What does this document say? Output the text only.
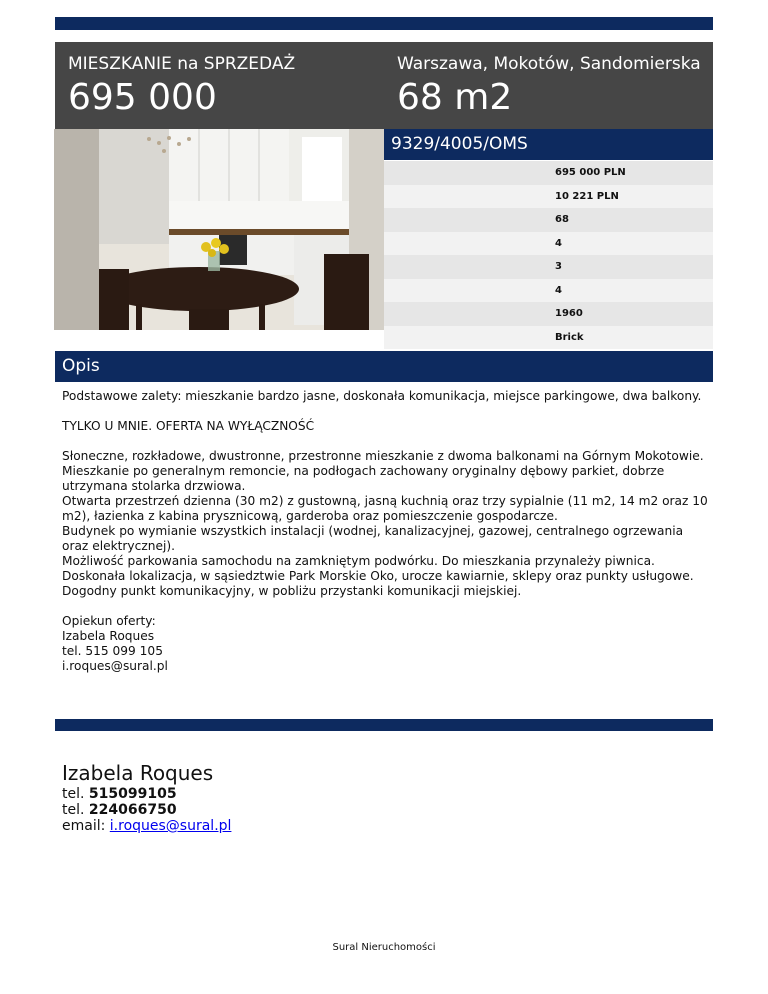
MIESZKANIE na SPRZEDAŻ
695 000
Warszawa, Mokotów, Sandomierska
68 m2
9329/4005/OMS
695 000 PLN
10 221 PLN
68
4
3
4
1960
Brick
Opis

Podstawowe zalety: mieszkanie bardzo jasne, doskonała komunikacja, miejsce parkingowe, dwa balkony.

TYLKO U MNIE. OFERTA NA WYŁĄCZNOŚĆ

Słoneczne, rozkładowe, dwustronne, przestronne mieszkanie z dwoma balkonami na Górnym Mokotowie.
Mieszkanie po generalnym remoncie, na podłogach zachowany oryginalny dębowy parkiet, dobrze utrzymana stolarka drzwiowa.
Otwarta przestrzeń dzienna (30 m2) z gustowną, jasną kuchnią oraz trzy sypialnie (11 m2, 14 m2 oraz 10 m2), łazienka z kabina prysznicową, garderoba oraz pomieszczenie gospodarcze.
Budynek po wymianie wszystkich instalacji (wodnej, kanalizacyjnej, gazowej, centralnego ogrzewania oraz elektrycznej).
Możliwość parkowania samochodu na zamkniętym podwórku. Do mieszkania przynależy piwnica.
Doskonała lokalizacja, w sąsiedztwie Park Morskie Oko, urocze kawiarnie, sklepy oraz punkty usługowe. Dogodny punkt komunikacyjny, w pobliżu przystanki komunikacji miejskiej.

Opiekun oferty:
Izabela Roques
tel. 515 099 105
i.roques@sural.pl

Izabela Roques
tel. 515099105
tel. 224066750
email: i.roques@sural.pl
Sural Nieruchomości
